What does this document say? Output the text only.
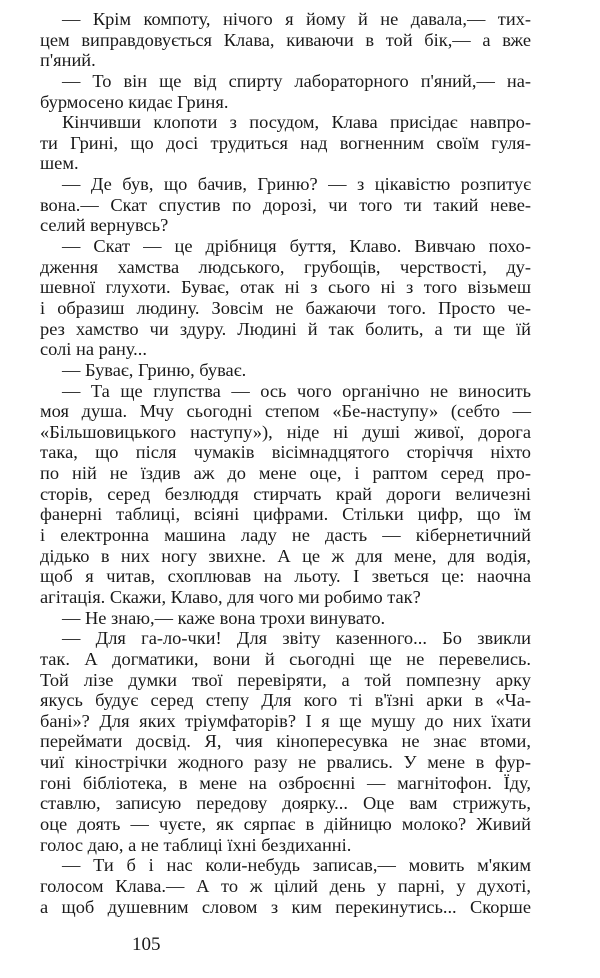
— Крім компоту, нічого я йому й не давала,— тих-
цем виправдовується Клава, киваючи в той бік,— а вже
п'яний.
— То він ще від спирту лабораторного п'яний,— на-
бурмосено кидає Гриня.
Кінчивши клопоти з посудом, Клава присідає навпро-
ти Грині, що досі трудиться над вогненним своїм гуля-
шем.
— Де був, що бачив, Гриню? — з цікавістю розпитує
вона.— Скат спустив по дорозі, чи того ти такий неве-
селий вернувсь?
— Скат — це дрібниця буття, Клаво. Вивчаю похо-
дження хамства людського, грубощів, черствості, ду-
шевної глухоти. Буває, отак ні з сього ні з того візьмеш
і образиш людину. Зовсім не бажаючи того. Просто че-
рез хамство чи здуру. Людині й так болить, а ти ще їй
солі на рану...
— Буває, Гриню, буває.
— Та ще глупства — ось чого органічно не виносить
моя душа. Мчу сьогодні степом «Бе-наступу» (себто —
«Більшовицького наступу»), ніде ні душі живої, дорога
така, що після чумаків вісімнадцятого сторіччя ніхто
по ній не їздив аж до мене оце, і раптом серед про-
сторів, серед безлюддя стирчать край дороги величезні
фанерні таблиці, всіяні цифрами. Стільки цифр, що їм
і електронна машина ладу не дасть — кібернетичний
дідько в них ногу звихне. А це ж для мене, для водія,
щоб я читав, схоплював на льоту. І зветься це: наочна
агітація. Скажи, Клаво, для чого ми робимо так?
— Не знаю,— каже вона трохи винувато.
— Для га-ло-чки! Для звіту казенного... Бо звикли
так. А догматики, вони й сьогодні ще не перевелись.
Той лізе думки твої перевіряти, а той помпезну арку
якусь будує серед степу Для кого ті в'їзні арки в «Ча-
бані»? Для яких тріумфаторів? І я ще мушу до них їхати
переймати досвід. Я, чия кінопересувка не знає втоми,
чиї кінострічки жодного разу не рвались. У мене в фур-
гоні бібліотека, в мене на озброєнні — магнітофон. Їду,
ставлю, записую передову доярку... Оце вам стрижуть,
оце доять — чуєте, як сярпає в дійницю молоко? Живий
голос даю, а не таблиці їхні бездиханні.
— Ти б і нас коли-небудь записав,— мовить м'яким
голосом Клава.— А то ж цілий день у парні, у духоті,
а щоб душевним словом з ким перекинутись... Скорше
105
